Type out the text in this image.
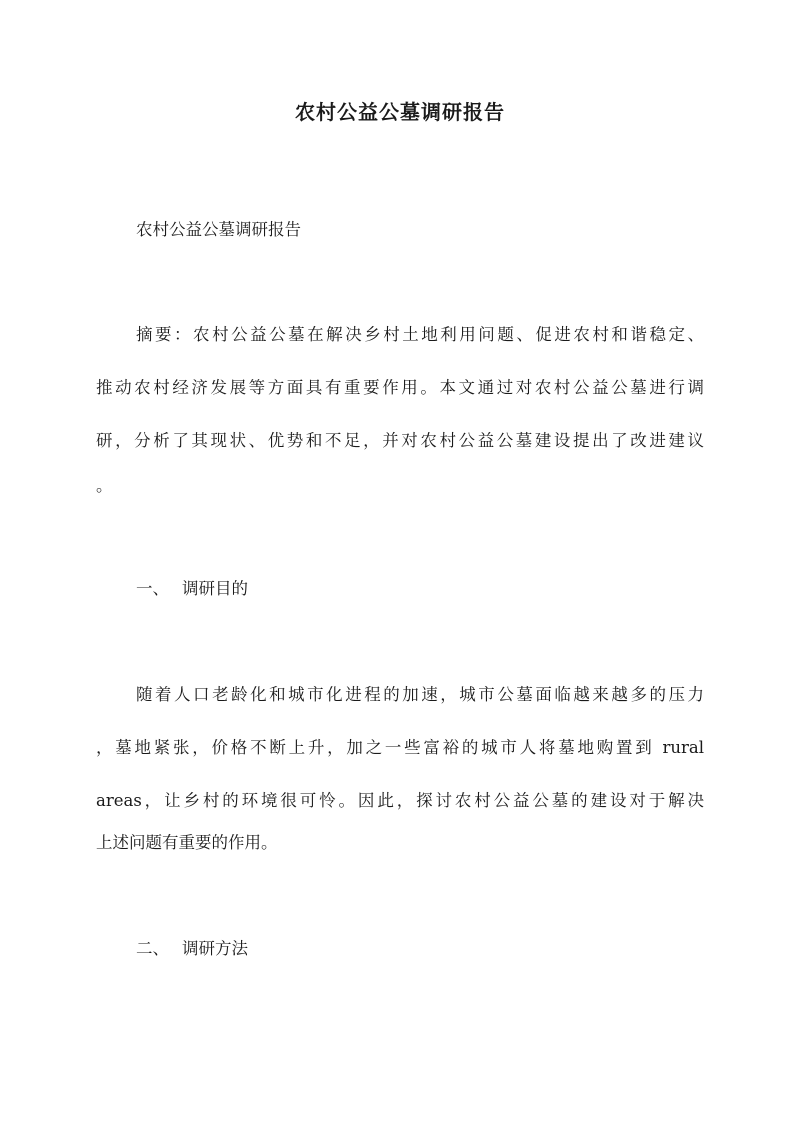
农村公益公墓调研报告
农村公益公墓调研报告
摘要：农村公益公墓在解决乡村土地利用问题、促进农村和谐稳定、
推动农村经济发展等方面具有重要作用。本文通过对农村公益公墓进行调
研，分析了其现状、优势和不足，并对农村公益公墓建设提出了改进建议
。
一、 调研目的
随着人口老龄化和城市化进程的加速，城市公墓面临越来越多的压力
，墓地紧张，价格不断上升，加之一些富裕的城市人将墓地购置到 rural
areas，让乡村的环境很可怜。因此，探讨农村公益公墓的建设对于解决
上述问题有重要的作用。
二、 调研方法
